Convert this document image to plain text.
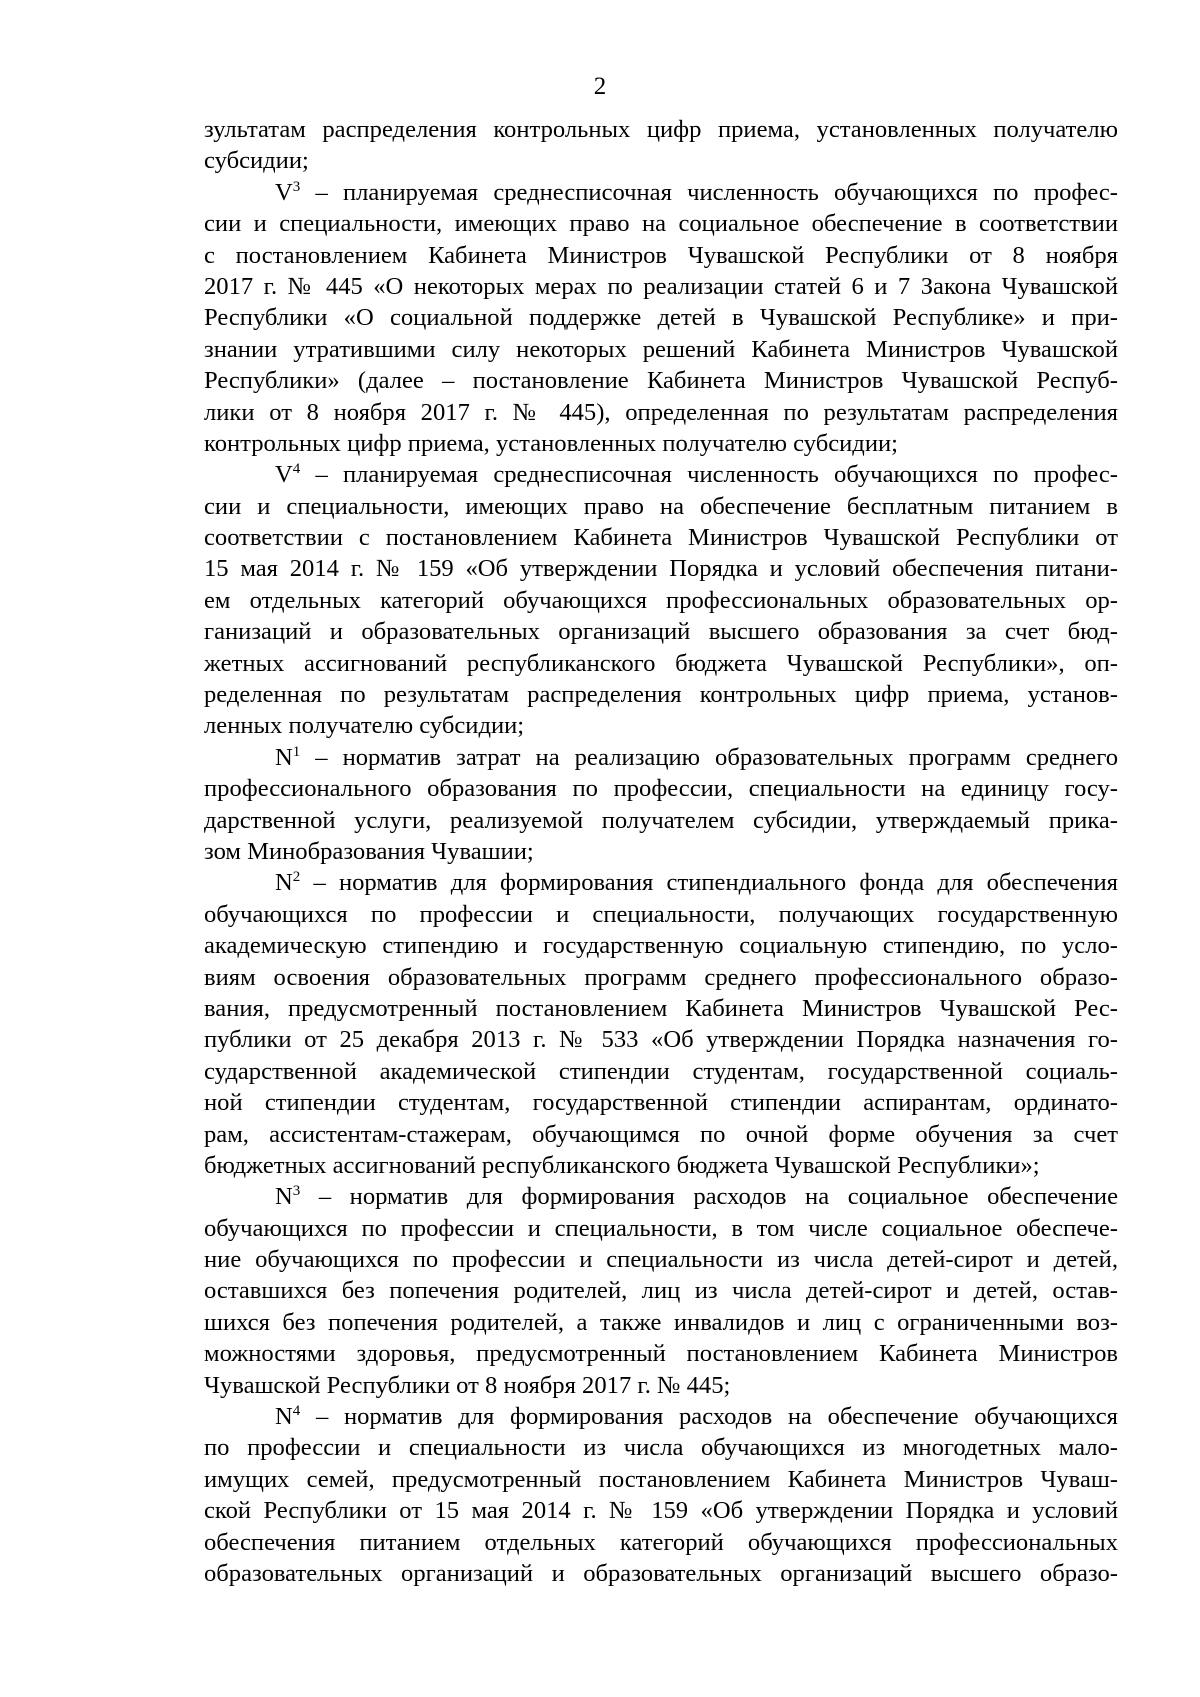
2
зультатам распределения контрольных цифр приема, установленных получателю
субсидии;
$V^3$ – планируемая среднесписочная численность обучающихся по профес-
сии и специальности, имеющих право на социальное обеспечение в соответствии
с постановлением Кабинета Министров Чувашской Республики от 8 ноября
2017 г. № 445 «О некоторых мерах по реализации статей 6 и 7 Закона Чувашской
Республики «О социальной поддержке детей в Чувашской Республике» и при-
знании утратившими силу некоторых решений Кабинета Министров Чувашской
Республики» (далее – постановление Кабинета Министров Чувашской Респуб-
лики от 8 ноября 2017 г. № 445), определенная по результатам распределения
контрольных цифр приема, установленных получателю субсидии;
$V^4$ – планируемая среднесписочная численность обучающихся по профес-
сии и специальности, имеющих право на обеспечение бесплатным питанием в
соответствии с постановлением Кабинета Министров Чувашской Республики от
15 мая 2014 г. № 159 «Об утверждении Порядка и условий обеспечения питани-
ем отдельных категорий обучающихся профессиональных образовательных ор-
ганизаций и образовательных организаций высшего образования за счет бюд-
жетных ассигнований республиканского бюджета Чувашской Республики», оп-
ределенная по результатам распределения контрольных цифр приема, установ-
ленных получателю субсидии;
$N^1$ – норматив затрат на реализацию образовательных программ среднего
профессионального образования по профессии, специальности на единицу госу-
дарственной услуги, реализуемой получателем субсидии, утверждаемый прика-
зом Минобразования Чувашии;
$N^2$ – норматив для формирования стипендиального фонда для обеспечения
обучающихся по профессии и специальности, получающих государственную
академическую стипендию и государственную социальную стипендию, по усло-
виям освоения образовательных программ среднего профессионального образо-
вания, предусмотренный постановлением Кабинета Министров Чувашской Рес-
публики от 25 декабря 2013 г. № 533 «Об утверждении Порядка назначения го-
сударственной академической стипендии студентам, государственной социаль-
ной стипендии студентам, государственной стипендии аспирантам, ординато-
рам, ассистентам-стажерам, обучающимся по очной форме обучения за счет
бюджетных ассигнований республиканского бюджета Чувашской Республики»;
$N^3$ – норматив для формирования расходов на социальное обеспечение
обучающихся по профессии и специальности, в том числе социальное обеспече-
ние обучающихся по профессии и специальности из числа детей-сирот и детей,
оставшихся без попечения родителей, лиц из числа детей-сирот и детей, остав-
шихся без попечения родителей, а также инвалидов и лиц с ограниченными воз-
можностями здоровья, предусмотренный постановлением Кабинета Министров
Чувашской Республики от 8 ноября 2017 г. № 445;
$N^4$ – норматив для формирования расходов на обеспечение обучающихся
по профессии и специальности из числа обучающихся из многодетных мало-
имущих семей, предусмотренный постановлением Кабинета Министров Чуваш-
ской Республики от 15 мая 2014 г. № 159 «Об утверждении Порядка и условий
обеспечения питанием отдельных категорий обучающихся профессиональных
образовательных организаций и образовательных организаций высшего образо-
